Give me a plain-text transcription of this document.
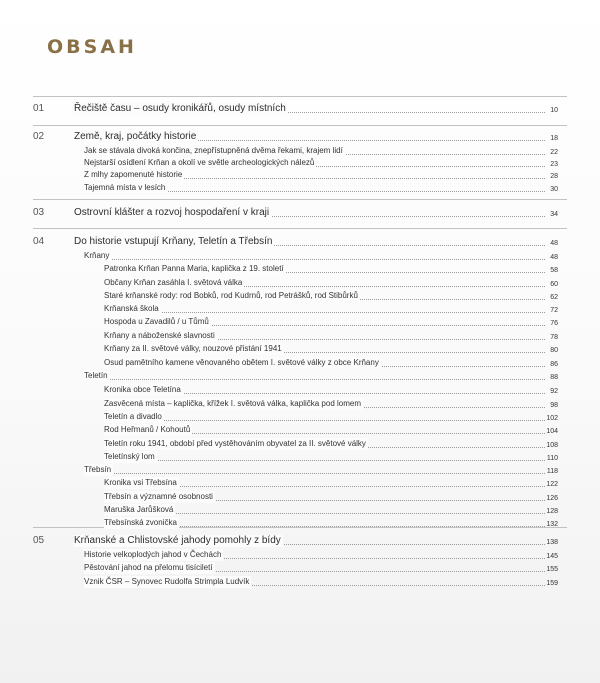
OBSAH
01	Řečiště času – osudy kronikářů, osudy místních	10
02	Země, kraj, počátky historie	18
Jak se stávala divoká končina, znepřístupněná dvěma řekami, krajem lidí	22
Nejstarší osídlení Krňan a okolí ve světle archeologických nálezů	23
Z mlhy zapomenuté historie	28
Tajemná místa v lesích	30
03	Ostrovní klášter a rozvoj hospodaření v kraji	34
04	Do historie vstupují Krňany, Teletín a Třebsín	48
Krňany	48
Patronka Krňan Panna Maria, kaplička z 19. století	58
Občany Krňan zasáhla I. světová válka	60
Staré krňanské rody: rod Bobků, rod Kudrnů, rod Petrášků, rod Stibůrků	62
Krňanská škola	72
Hospoda u Zavadilů / u Tůmů	76
Krňany a náboženské slavnosti	78
Krňany za II. světové války, nouzové přistání 1941	80
Osud pamětního kamene věnovaného obětem I. světové války z obce Krňany	86
Teletín	88
Kronika obce Teletína	92
Zasvěcená místa – kaplička, křížek I. světová válka, kaplička pod lomem	98
Teletín a divadlo	102
Rod Heřmanů / Kohoutů	104
Teletín roku 1941, období před vystěhováním obyvatel za II. světové války	108
Teletínský lom	110
Třebsín	118
Kronika vsi Třebsína	122
Třebsín a významné osobnosti	126
Maruška Jarůšková	128
Třebsínská zvonička	132
05	Krňanské a Chlistovské jahody pomohly z bídy	138
Historie velkoplodých jahod v Čechách	145
Pěstování jahod na přelomu tisíciletí	155
Vznik ČSR – Synovec Rudolfa Strimpla Ludvík	159
